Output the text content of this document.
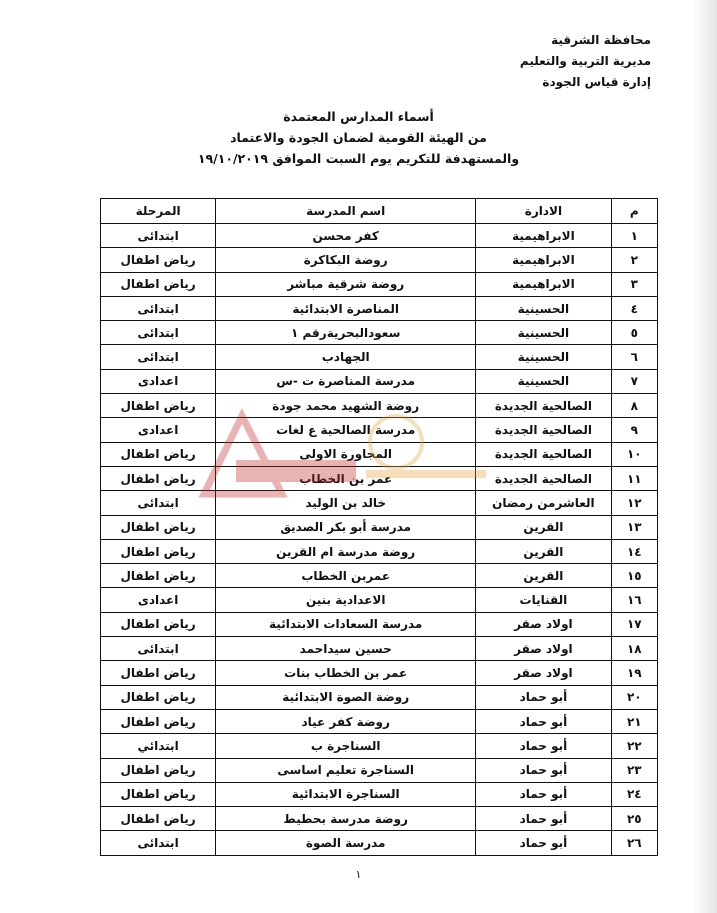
محافظة الشرقية
مديرية التربية والتعليم
إدارة قياس الجودة
أسماء المدارس المعتمدة
من الهيئة القومية لضمان الجودة والاعتماد
والمستهدفة للتكريم يوم السبت الموافق ١٩/١٠/٢٠١٩
م	الادارة	اسم المدرسة	المرحلة
١	الابراهيمية	كفر محسن	ابتدائى
٢	الابراهيمية	روضة البكاكرة	رياض اطفال
٣	الابراهيمية	روضة شرقية مباشر	رياض اطفال
٤	الحسينية	المناصرة الابتدائية	ابتدائى
٥	الحسينية	سعودالبحريةرقم ١	ابتدائى
٦	الحسينية	الجهادب	ابتدائى
٧	الحسينية	مدرسة المناصرة ت -س	اعدادى
٨	الصالحية الجديدة	روضة الشهيد محمد جودة	رياض اطفال
٩	الصالحية الجديدة	مدرسة الصالحية ع لغات	اعدادى
١٠	الصالحية الجديدة	المجاورة الاولى	رياض اطفال
١١	الصالحية الجديدة	عمر بن الخطاب	رياض اطفال
١٢	العاشرمن رمضان	خالد بن الوليد	ابتدائى
١٣	القرين	مدرسة أبو بكر الصديق	رياض اطفال
١٤	القرين	روضة مدرسة ام القرين	رياض اطفال
١٥	القرين	عمربن الخطاب	رياض اطفال
١٦	القنايات	الاعدادية بنين	اعدادى
١٧	اولاد صقر	مدرسة السعادات الابتدائية	رياض اطفال
١٨	اولاد صقر	حسين سيداحمد	ابتدائى
١٩	اولاد صقر	عمر بن الخطاب بنات	رياض اطفال
٢٠	أبو حماد	روضة الصوة الابتدائية	رياض اطفال
٢١	أبو حماد	روضة كفر عياد	رياض اطفال
٢٢	أبو حماد	السناجرة ب	ابتدائي
٢٣	أبو حماد	السناجرة تعليم اساسى	رياض اطفال
٢٤	أبو حماد	السناجرة الابتدائية	رياض اطفال
٢٥	أبو حماد	روضة مدرسة بحطيط	رياض اطفال
٢٦	أبو حماد	مدرسة الصوة	ابتدائى
١
